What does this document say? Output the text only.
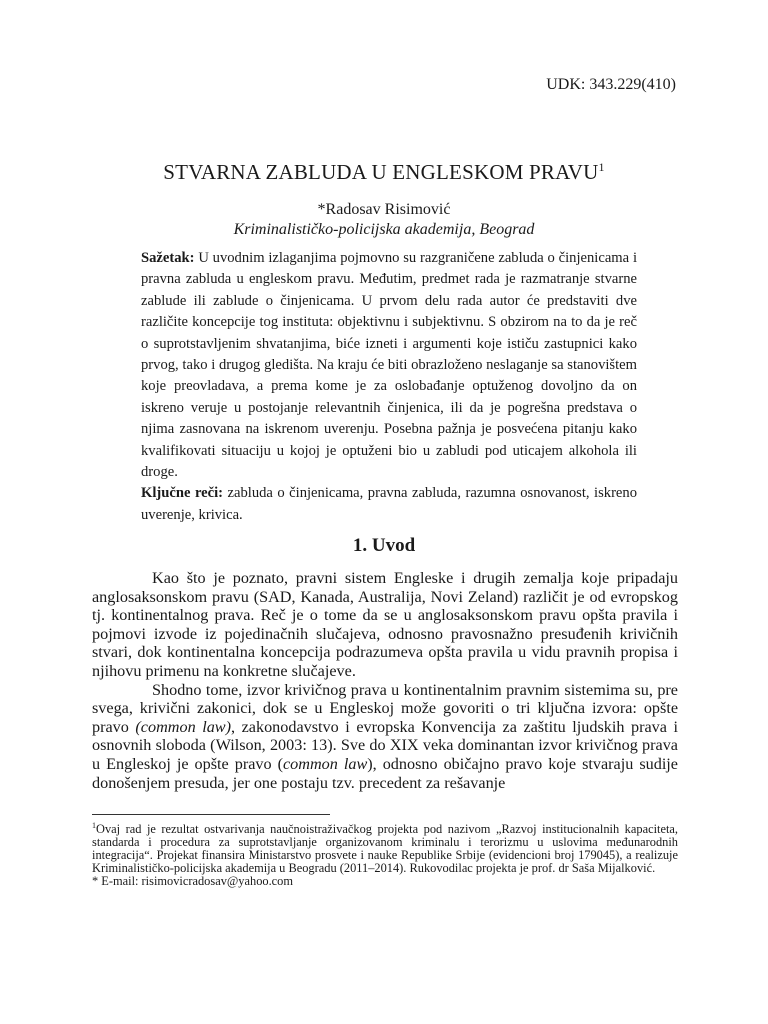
UDK: 343.229(410)
STVARNA ZABLUDA U ENGLESKOM PRAVU$^1$
*Radosav Risimović
Kriminalističko-policijska akademija, Beograd

Sažetak: U uvodnim izlaganjima pojmovno su razgraničene zabluda o činjenicama i pravna zabluda u engleskom pravu. Međutim, predmet rada je razmatranje stvarne zablude ili zablude o činjenicama. U prvom delu rada autor će predstaviti dve različite koncepcije tog instituta: objektivnu i subjektivnu. S obzirom na to da je reč o suprotstavljenim shvatanjima, biće izneti i argumenti koje ističu zastupnici kako prvog, tako i drugog gledišta. Na kraju će biti obrazloženo neslaganje sa stanovištem koje preovladava, a prema kome je za oslobađanje optuženog dovoljno da on iskreno veruje u postojanje relevantnih činjenica, ili da je pogrešna predstava o njima zasnovana na iskrenom uverenju. Posebna pažnja je posvećena pitanju kako kvalifikovati situaciju u kojoj je optuženi bio u zabludi pod uticajem alkohola ili droge.

Ključne reči: zabluda o činjenicama, pravna zabluda, razumna osnovanost, iskreno uverenje, krivica.

1. Uvod

Kao što je poznato, pravni sistem Engleske i drugih zemalja koje pripadaju anglosaksonskom pravu (SAD, Kanada, Australija, Novi Zeland) različit je od evropskog tj. kontinentalnog prava. Reč je o tome da se u anglosaksonskom pravu opšta pravila i pojmovi izvode iz pojedinačnih slučajeva, odnosno pravosnažno presuđenih krivičnih stvari, dok kontinentalna koncepcija podrazumeva opšta pravila u vidu pravnih propisa i njihovu primenu na konkretne slučajeve.

Shodno tome, izvor krivičnog prava u kontinentalnim pravnim sistemima su, pre svega, krivični zakonici, dok se u Engleskoj može govoriti o tri ključna izvora: opšte pravo (common law), zakonodavstvo i evropska Konvencija za zaštitu ljudskih prava i osnovnih sloboda (Wilson, 2003: 13). Sve do XIX veka dominantan izvor krivičnog prava u Engleskoj je opšte pravo (common law), odnosno običajno pravo koje stvaraju sudije donošenjem presuda, jer one postaju tzv. precedent za rešavanje

$^1$Ovaj rad je rezultat ostvarivanja naučnoistraživačkog projekta pod nazivom „Razvoj institucionalnih kapaciteta, standarda i procedura za suprotstavljanje organizovanom kriminalu i terorizmu u uslovima međunarodnih integracija“. Projekat finansira Ministarstvo prosvete i nauke Republike Srbije (evidencioni broj 179045), a realizuje Kriminalističko-policijska akademija u Beogradu (2011–2014). Rukovodilac projekta je prof. dr Saša Mijalković.

* E-mail: risimovicradosav@yahoo.com
